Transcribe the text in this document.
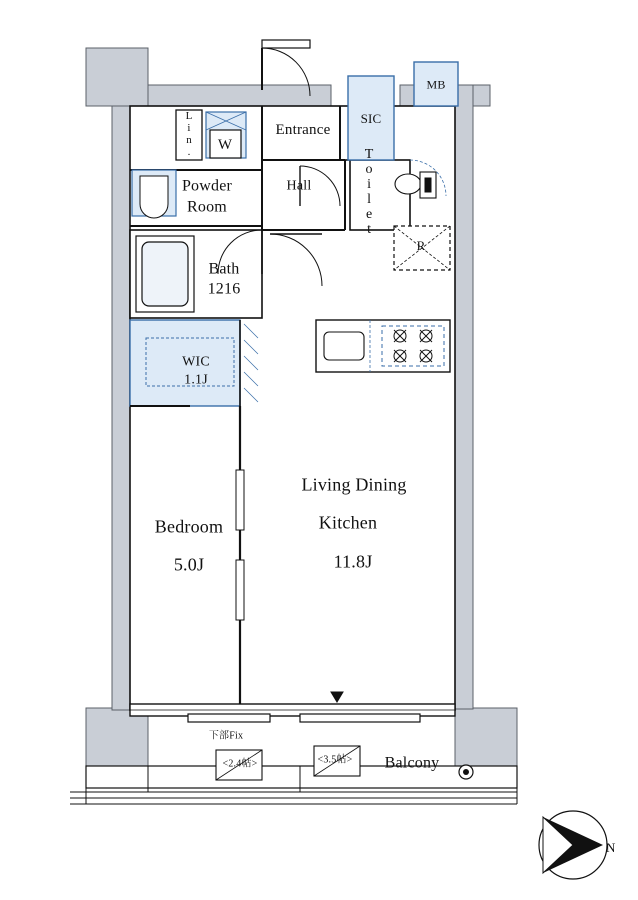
Entrance
Hall
Powder
Room
Bath
1216
WIC
1.1J
Bedroom
5.0J
Living Dining
Kitchen
11.8J
Balcony
Toilet
SIC
MB
R
W
Lin.
下部Fix
<2.4帖>	<3.5帖>
N
